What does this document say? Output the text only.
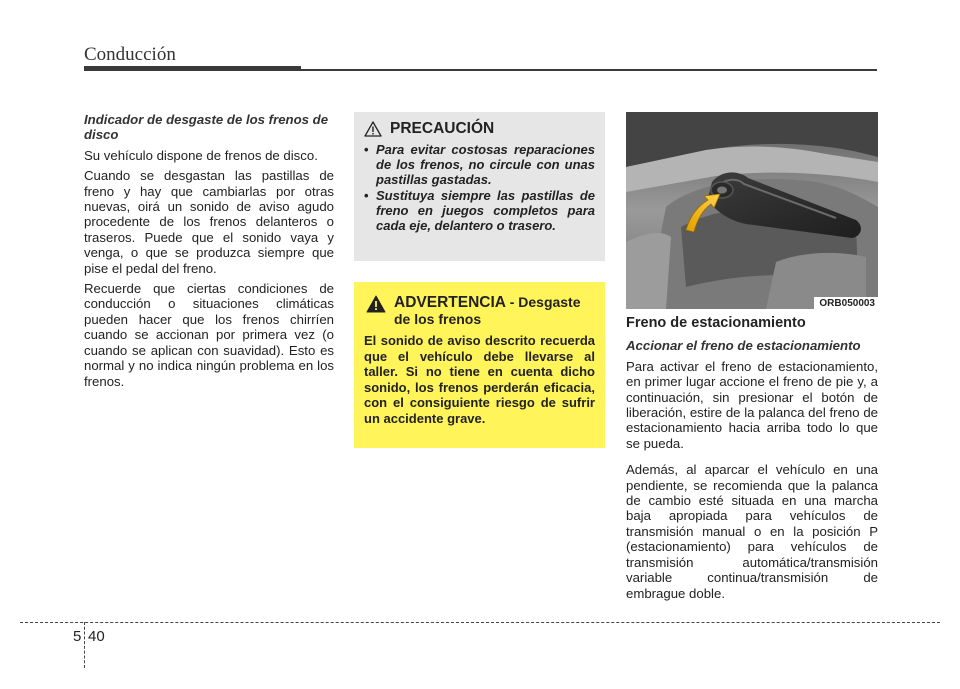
Conducción
Indicador de desgaste de los frenos de disco

Su vehículo dispone de frenos de disco.

Cuando se desgastan las pastillas de freno y hay que cambiarlas por otras nuevas, oirá un sonido de aviso agudo procedente de los frenos delanteros o traseros. Puede que el sonido vaya y venga, o que se produzca siempre que pise el pedal del freno.

Recuerde que ciertas condiciones de conducción o situaciones climáticas pueden hacer que los frenos chirríen cuando se accionan por primera vez (o cuando se aplican con suavidad). Esto es normal y no indica ningún problema en los frenos.

PRECAUCIÓN
• Para evitar costosas reparaciones de los frenos, no circule con unas pastillas gastadas.
• Sustituya siempre las pastillas de freno en juegos completos para cada eje, delantero o trasero.
ADVERTENCIA - Desgaste de los frenos

El sonido de aviso descrito recuerda que el vehículo debe llevarse al taller. Si no tiene en cuenta dicho sonido, los frenos perderán eficacia, con el consiguiente riesgo de sufrir un accidente grave.

ORB050003
Freno de estacionamiento
Accionar el freno de estacionamiento

Para activar el freno de estacionamiento, en primer lugar accione el freno de pie y, a continuación, sin presionar el botón de liberación, estire de la palanca del freno de estacionamiento hacia arriba todo lo que se pueda.

Además, al aparcar el vehículo en una pendiente, se recomienda que la palanca de cambio esté situada en una marcha baja apropiada para vehículos de transmisión manual o en la posición P (estacionamiento) para vehículos de transmisión automática/transmisión variable continua/transmisión de embrague doble.

5 40
